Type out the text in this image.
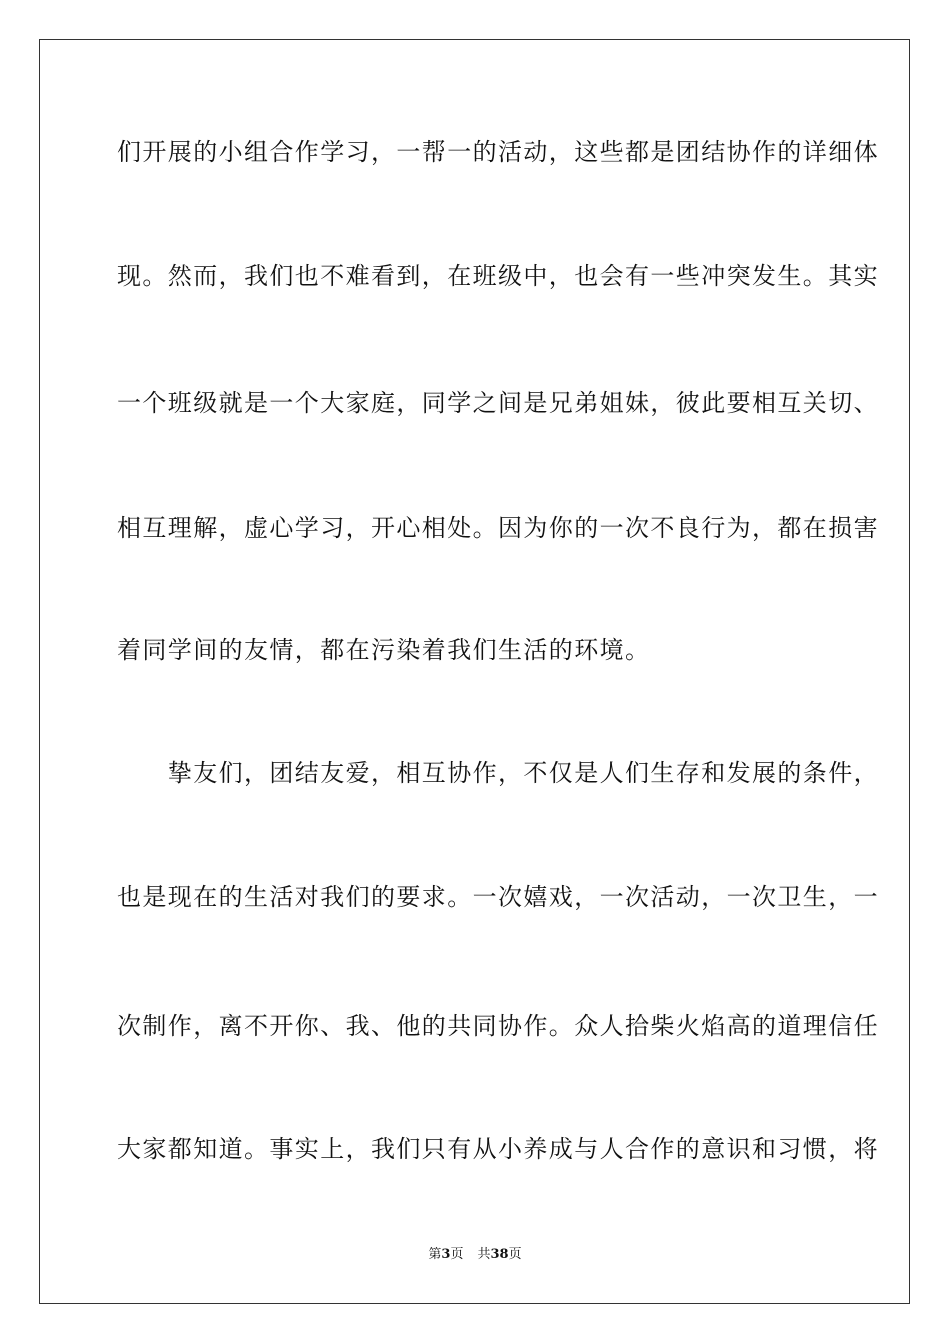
们开展的小组合作学习，一帮一的活动，这些都是团结协作的详细体
现。然而，我们也不难看到，在班级中，也会有一些冲突发生。其实
一个班级就是一个大家庭，同学之间是兄弟姐妹，彼此要相互关切、
相互理解，虚心学习，开心相处。因为你的一次不良行为，都在损害
着同学间的友情，都在污染着我们生活的环境。
　　挚友们，团结友爱，相互协作，不仅是人们生存和发展的条件，
也是现在的生活对我们的要求。一次嬉戏，一次活动，一次卫生，一
次制作，离不开你、我、他的共同协作。众人拾柴火焰高的道理信任
大家都知道。事实上，我们只有从小养成与人合作的意识和习惯，将
第3页 共38页
